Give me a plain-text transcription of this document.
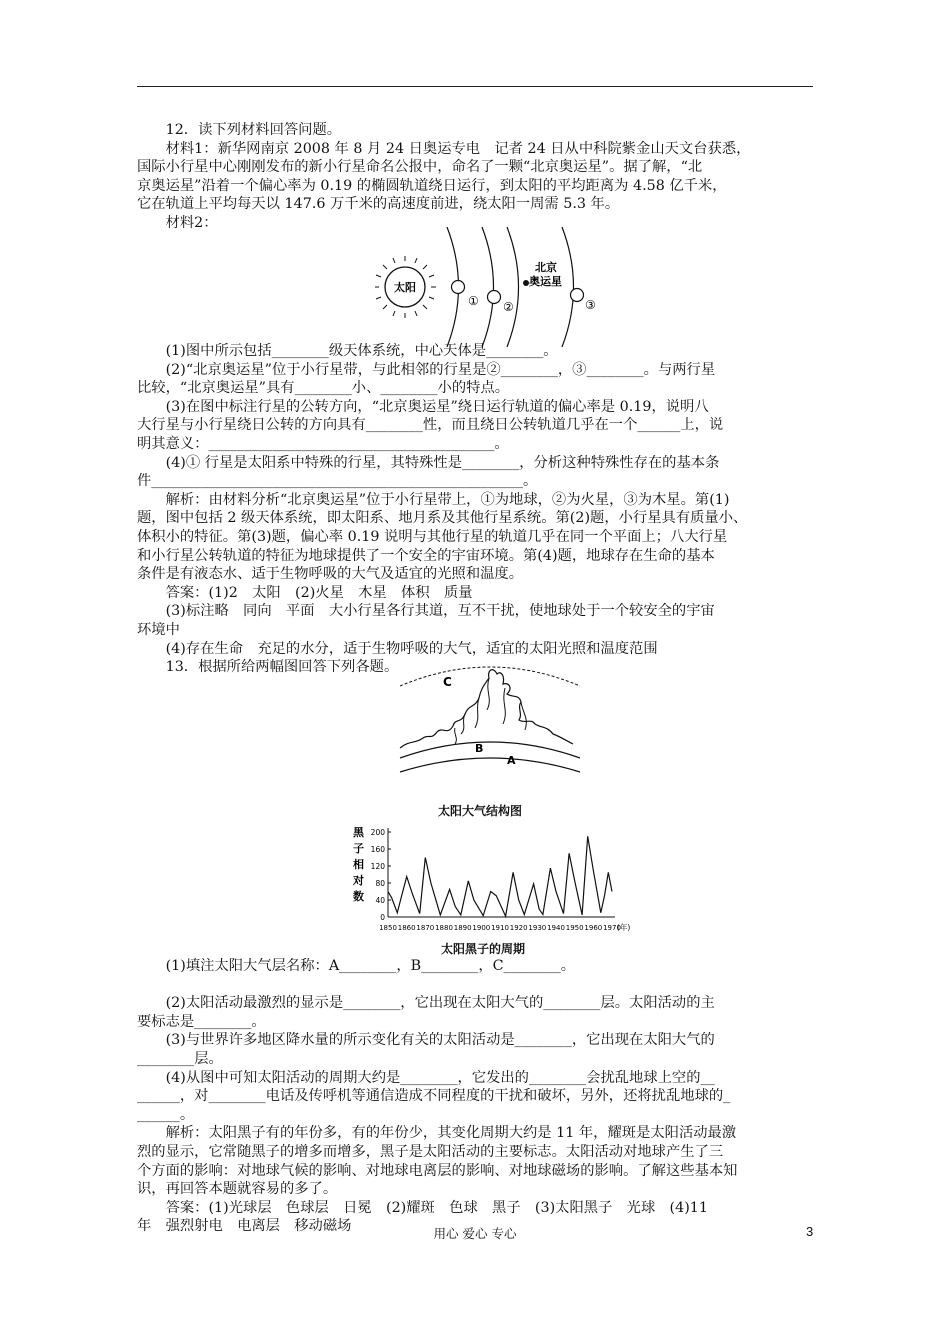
　　12．读下列材料回答问题。
　　材料1：新华网南京 2008 年 8 月 24 日奥运专电　记者 24 日从中科院紫金山天文台获悉，
国际小行星中心刚刚发布的新小行星命名公报中，命名了一颗“北京奥运星”。据了解，“北
京奥运星”沿着一个偏心率为 0.19 的椭圆轨道绕日运行，到太阳的平均距离为 4.58 亿千米，
它在轨道上平均每天以 147.6 万千米的高速度前进，绕太阳一周需 5.3 年。
　　材料2：
太阳
① ②
北京
奥运星
③
　　(1)图中所示包括________级天体系统，中心天体是________。
　　(2)“北京奥运星”位于小行星带，与此相邻的行星是②________，③________。与两行星
比较，“北京奥运星”具有________小、________小的特点。
　　(3)在图中标注行星的公转方向，“北京奥运星”绕日运行轨道的偏心率是 0.19，说明八
大行星与小行星绕日公转的方向具有________性，而且绕日公转轨道几乎在一个______上，说
明其意义：________________________________________。
　　(4)① 行星是太阳系中特殊的行星，其特殊性是________，分析这种特殊性存在的基本条
件____________________________________________________。
　　解析：由材料分析“北京奥运星”位于小行星带上，①为地球，②为火星，③为木星。第(1)
题，图中包括 2 级天体系统，即太阳系、地月系及其他行星系统。第(2)题，小行星具有质量小、
体积小的特征。第(3)题，偏心率 0.19 说明与其他行星的轨道几乎在同一个平面上；八大行星
和小行星公转轨道的特征为地球提供了一个安全的宇宙环境。第(4)题，地球存在生命的基本
条件是有液态水、适于生物呼吸的大气及适宜的光照和温度。
　　答案：(1)2　太阳　(2)火星　木星　体积　质量
　　(3)标注略　同向　平面　大小行星各行其道，互不干扰，使地球处于一个较安全的宇宙
环境中
　　(4)存在生命　充足的水分，适于生物呼吸的大气，适宜的太阳光照和温度范围
　　13．根据所给两幅图回答下列各题。
C
B
A
太阳大气结构图
黑
子
相
对
数
0
40
80
120
160
200
1850 1860 1870 1880 1890 1900 1910 1920 1930 1940 1950 1960 1970
(年)
太阳黑子的周期
　　(1)填注太阳大气层名称：A________，B________，C________。
　　(2)太阳活动最激烈的显示是________，它出现在太阳大气的________层。太阳活动的主
要标志是________。
　　(3)与世界许多地区降水量的所示变化有关的太阳活动是________，它出现在太阳大气的
________层。
　　(4)从图中可知太阳活动的周期大约是________，它发出的________会扰乱地球上空的__
______，对________电话及传呼机等通信造成不同程度的干扰和破坏，另外，还将扰乱地球的_
______。
　　解析：太阳黑子有的年份多，有的年份少，其变化周期大约是 11 年，耀斑是太阳活动最激
烈的显示，它常随黑子的增多而增多，黑子是太阳活动的主要标志。太阳活动对地球产生了三
个方面的影响：对地球气候的影响、对地球电离层的影响、对地球磁场的影响。了解这些基本知
识，再回答本题就容易的多了。
　　答案：(1)光球层　色球层　日冕　(2)耀斑　色球　黑子　(3)太阳黑子　光球　(4)11
年　强烈射电　电离层　移动磁场	用心 爱心 专心	3
